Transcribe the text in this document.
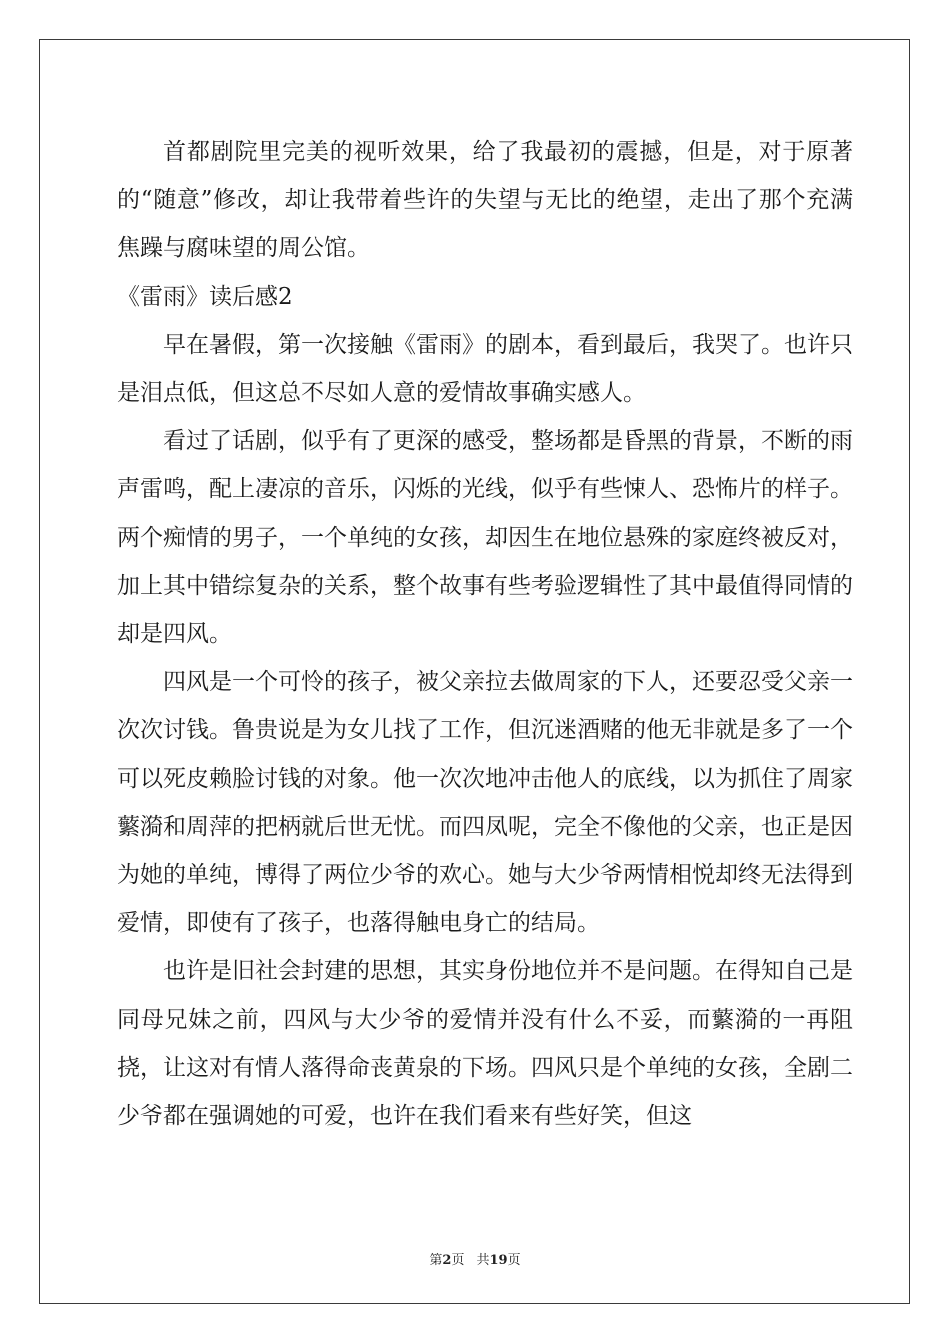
首都剧院里完美的视听效果，给了我最初的震撼，但是，对于原著的“随意”修改，却让我带着些许的失望与无比的绝望，走出了那个充满焦躁与腐味望的周公馆。

《雷雨》读后感2

早在暑假，第一次接触《雷雨》的剧本，看到最后，我哭了。也许只是泪点低，但这总不尽如人意的爱情故事确实感人。

看过了话剧，似乎有了更深的感受，整场都是昏黑的背景，不断的雨声雷鸣，配上凄凉的音乐，闪烁的光线，似乎有些悚人、恐怖片的样子。两个痴情的男子，一个单纯的女孩，却因生在地位悬殊的家庭终被反对，加上其中错综复杂的关系，整个故事有些考验逻辑性了其中最值得同情的却是四风。

四风是一个可怜的孩子，被父亲拉去做周家的下人，还要忍受父亲一次次讨钱。鲁贵说是为女儿找了工作，但沉迷酒赌的他无非就是多了一个可以死皮赖脸讨钱的对象。他一次次地冲击他人的底线，以为抓住了周家蘩漪和周萍的把柄就后世无忧。而四凤呢，完全不像他的父亲，也正是因为她的单纯，博得了两位少爷的欢心。她与大少爷两情相悦却终无法得到爱情，即使有了孩子，也落得触电身亡的结局。

也许是旧社会封建的思想，其实身份地位并不是问题。在得知自己是同母兄妹之前，四风与大少爷的爱情并没有什么不妥，而蘩漪的一再阻挠，让这对有情人落得命丧黄泉的下场。四风只是个单纯的女孩，全剧二少爷都在强调她的可爱，也许在我们看来有些好笑，但这

第2页 共19页
